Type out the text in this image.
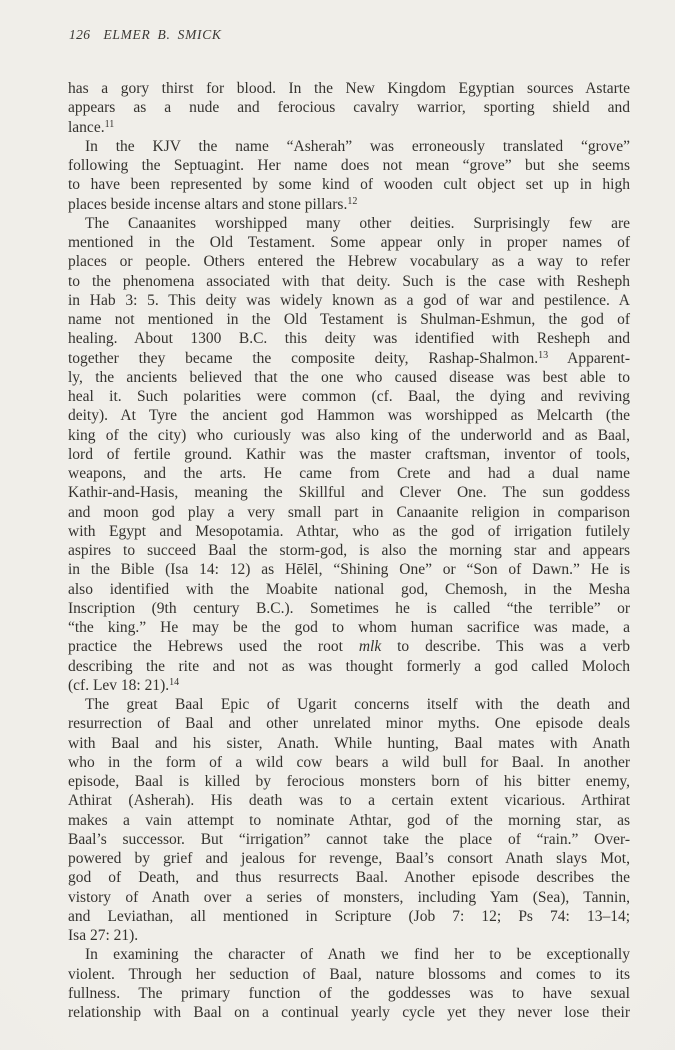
126 ELMER B. SMICK
has a gory thirst for blood. In the New Kingdom Egyptian sources Astarte
appears as a nude and ferocious cavalry warrior, sporting shield and
lance.$^{11}$
In the KJV the name “Asherah” was erroneously translated “grove”
following the Septuagint. Her name does not mean “grove” but she seems
to have been represented by some kind of wooden cult object set up in high
places beside incense altars and stone pillars.$^{12}$
The Canaanites worshipped many other deities. Surprisingly few are
mentioned in the Old Testament. Some appear only in proper names of
places or people. Others entered the Hebrew vocabulary as a way to refer
to the phenomena associated with that deity. Such is the case with Resheph
in Hab 3: 5. This deity was widely known as a god of war and pestilence. A
name not mentioned in the Old Testament is Shulman-Eshmun, the god of
healing. About 1300 B.C. this deity was identified with Resheph and
together they became the composite deity, Rashap-Shalmon.$^{13}$ Apparent-
ly, the ancients believed that the one who caused disease was best able to
heal it. Such polarities were common (cf. Baal, the dying and reviving
deity). At Tyre the ancient god Hammon was worshipped as Melcarth (the
king of the city) who curiously was also king of the underworld and as Baal,
lord of fertile ground. Kathir was the master craftsman, inventor of tools,
weapons, and the arts. He came from Crete and had a dual name
Kathir-and-Hasis, meaning the Skillful and Clever One. The sun goddess
and moon god play a very small part in Canaanite religion in comparison
with Egypt and Mesopotamia. Athtar, who as the god of irrigation futilely
aspires to succeed Baal the storm-god, is also the morning star and appears
in the Bible (Isa 14: 12) as Hēlēl, “Shining One” or “Son of Dawn.” He is
also identified with the Moabite national god, Chemosh, in the Mesha
Inscription (9th century B.C.). Sometimes he is called “the terrible” or
“the king.” He may be the god to whom human sacrifice was made, a
practice the Hebrews used the root mlk to describe. This was a verb
describing the rite and not as was thought formerly a god called Moloch
(cf. Lev 18: 21).$^{14}$
The great Baal Epic of Ugarit concerns itself with the death and
resurrection of Baal and other unrelated minor myths. One episode deals
with Baal and his sister, Anath. While hunting, Baal mates with Anath
who in the form of a wild cow bears a wild bull for Baal. In another
episode, Baal is killed by ferocious monsters born of his bitter enemy,
Athirat (Asherah). His death was to a certain extent vicarious. Arthirat
makes a vain attempt to nominate Athtar, god of the morning star, as
Baal’s successor. But “irrigation” cannot take the place of “rain.” Over-
powered by grief and jealous for revenge, Baal’s consort Anath slays Mot,
god of Death, and thus resurrects Baal. Another episode describes the
vistory of Anath over a series of monsters, including Yam (Sea), Tannin,
and Leviathan, all mentioned in Scripture (Job 7: 12; Ps 74: 13–14;
Isa 27: 21).
In examining the character of Anath we find her to be exceptionally
violent. Through her seduction of Baal, nature blossoms and comes to its
fullness. The primary function of the goddesses was to have sexual
relationship with Baal on a continual yearly cycle yet they never lose their
